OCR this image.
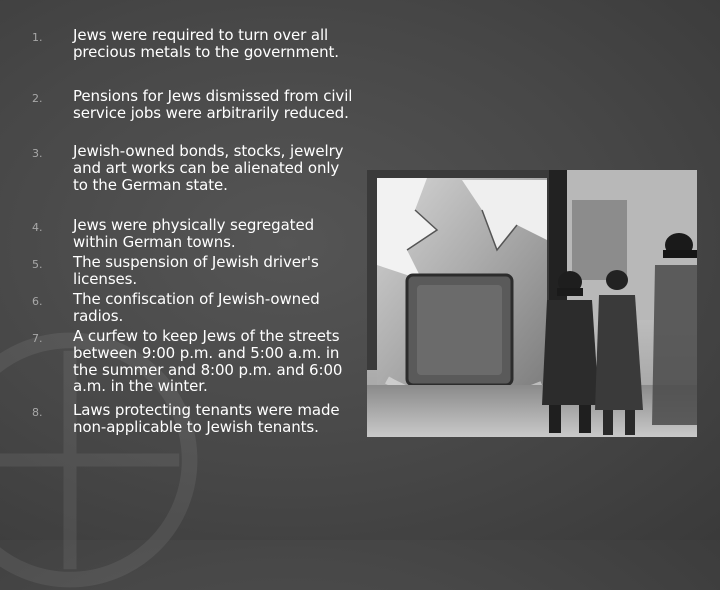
1. Jews were required to turn over all precious metals to the government.
2. Pensions for Jews dismissed from civil service jobs were arbitrarily reduced.
3. Jewish-owned bonds, stocks, jewelry and art works can be alienated only to the German state.
4. Jews were physically segregated within German towns.
5. The suspension of Jewish driver's licenses.
6. The confiscation of Jewish-owned radios.
7. A curfew to keep Jews of the streets between 9:00 p.m. and 5:00 a.m. in the summer and 8:00 p.m. and 6:00 a.m. in the winter.
8. Laws protecting tenants were made non-applicable to Jewish tenants.
